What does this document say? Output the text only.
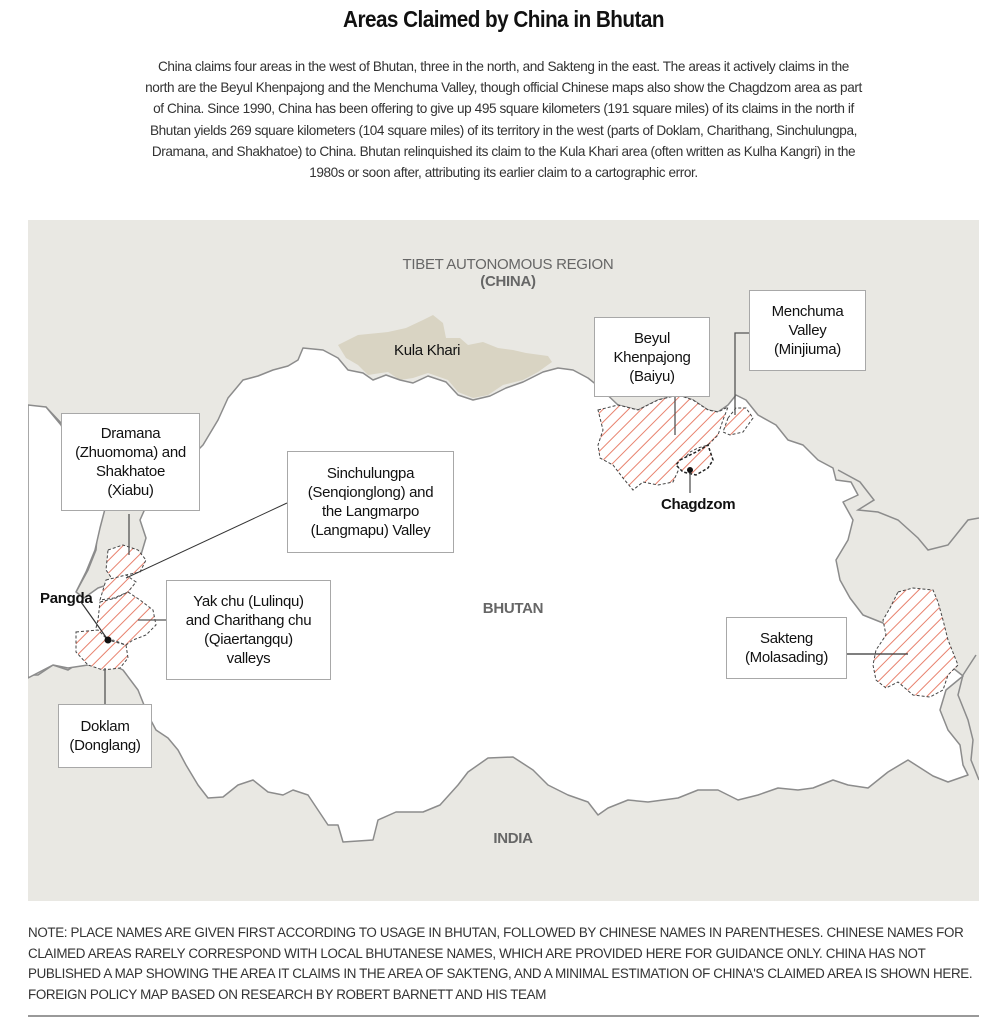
Areas Claimed by China in Bhutan
China claims four areas in the west of Bhutan, three in the north, and Sakteng in the east. The areas it actively claims in the north are the Beyul Khenpajong and the Menchuma Valley, though official Chinese maps also show the Chagdzom area as part of China. Since 1990, China has been offering to give up 495 square kilometers (191 square miles) of its claims in the north if Bhutan yields 269 square kilometers (104 square miles) of its territory in the west (parts of Doklam, Charithang, Sinchulungpa, Dramana, and Shakhatoe) to China. Bhutan relinquished its claim to the Kula Khari area (often written as Kulha Kangri) in the 1980s or soon after, attributing its earlier claim to a cartographic error.
TIBET AUTONOMOUS REGION
(CHINA)
BHUTAN
INDIA
Kula Khari
Chagdzom
Pangda
Beyul
Khenpajong
(Baiyu)
Menchuma
Valley
(Minjiuma)
Dramana
(Zhuomoma) and
Shakhatoe
(Xiabu)
Sinchulungpa
(Senqionglong) and
the Langmarpo
(Langmapu) Valley
Yak chu (Lulinqu)
and Charithang chu
(Qiaertangqu)
valleys
Doklam
(Donglang)
Sakteng
(Molasading)
NOTE: PLACE NAMES ARE GIVEN FIRST ACCORDING TO USAGE IN BHUTAN, FOLLOWED BY CHINESE NAMES IN PARENTHESES. CHINESE NAMES FOR CLAIMED AREAS RARELY CORRESPOND WITH LOCAL BHUTANESE NAMES, WHICH ARE PROVIDED HERE FOR GUIDANCE ONLY. CHINA HAS NOT PUBLISHED A MAP SHOWING THE AREA IT CLAIMS IN THE AREA OF SAKTENG, AND A MINIMAL ESTIMATION OF CHINA'S CLAIMED AREA IS SHOWN HERE. FOREIGN POLICY MAP BASED ON RESEARCH BY ROBERT BARNETT AND HIS TEAM
